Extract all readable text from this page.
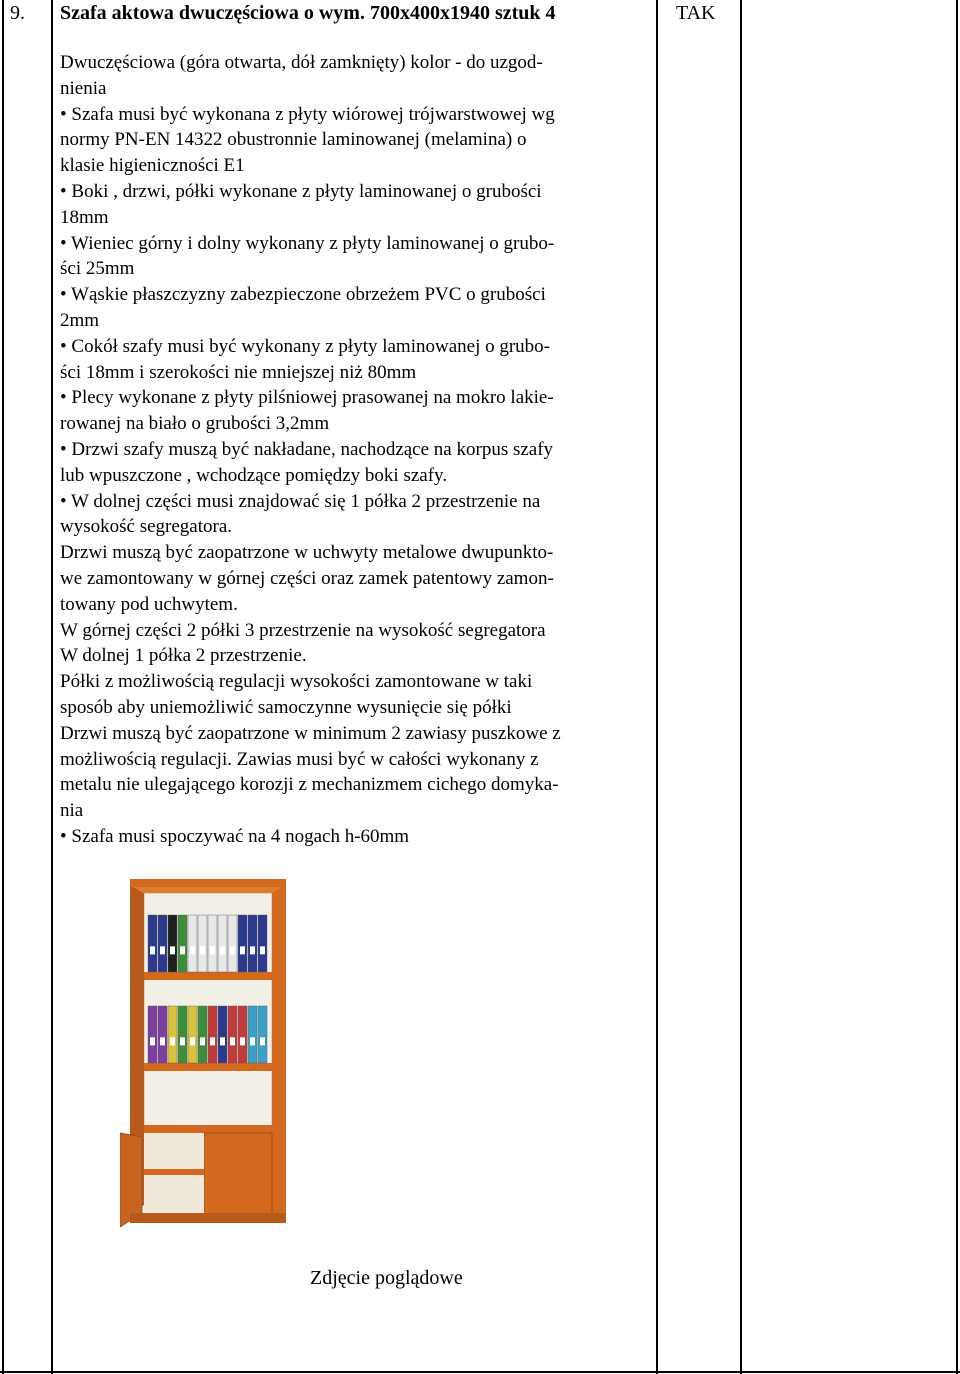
9. Szafa aktowa dwuczęściowa o wym. 700x400x1940 sztuk 4	TAK
Dwuczęściowa (góra otwarta, dół zamknięty) kolor - do uzgod-
nienia
• Szafa musi być wykonana z płyty wiórowej trójwarstwowej wg
normy PN-EN 14322 obustronnie laminowanej (melamina) o
klasie higieniczności E1
• Boki , drzwi, półki wykonane z płyty laminowanej o grubości
18mm
• Wieniec górny i dolny wykonany z płyty laminowanej o grubo-
ści 25mm
• Wąskie płaszczyzny zabezpieczone obrzeżem PVC o grubości
2mm
• Cokół szafy musi być wykonany z płyty laminowanej o grubo-
ści 18mm i szerokości nie mniejszej niż 80mm
• Plecy wykonane z płyty pilśniowej prasowanej na mokro lakie-
rowanej na biało o grubości 3,2mm
• Drzwi szafy muszą być nakładane, nachodzące na korpus szafy
lub wpuszczone , wchodzące pomiędzy boki szafy.
• W dolnej części musi znajdować się 1 półka 2 przestrzenie na
wysokość segregatora.
Drzwi muszą być zaopatrzone w uchwyty metalowe dwupunkto-
we zamontowany w górnej części oraz zamek patentowy zamon-
towany pod uchwytem.
W górnej części 2 półki 3 przestrzenie na wysokość segregatora
W dolnej 1 półka 2 przestrzenie.
Półki z możliwością regulacji wysokości zamontowane w taki
sposób aby uniemożliwić samoczynne wysunięcie się półki
Drzwi muszą być zaopatrzone w minimum 2 zawiasy puszkowe z
możliwością regulacji. Zawias musi być w całości wykonany z
metalu nie ulegającego korozji z mechanizmem cichego domyka-
nia
• Szafa musi spoczywać na 4 nogach h-60mm
Zdjęcie poglądowe
